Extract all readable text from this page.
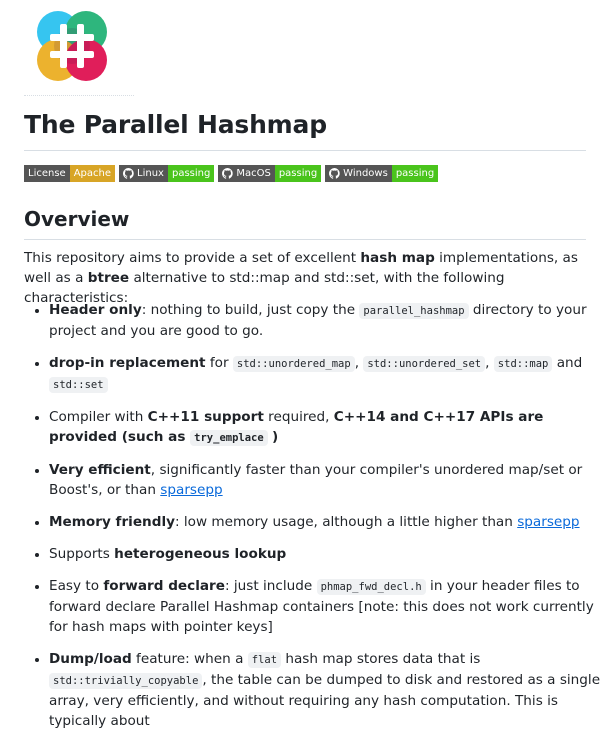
The Parallel Hashmap
License Apache	Linux passing	MacOS passing	Windows passing
Overview

This repository aims to provide a set of excellent hash map implementations, as well as a btree alternative to std::map and std::set, with the following characteristics:

• Header only: nothing to build, just copy the parallel_hashmap directory to your project and you are good to go.
• drop-in replacement for std::unordered_map , std::unordered_set , std::map and std::set
• Compiler with C++11 support required, C++14 and C++17 APIs are provided (such as try_emplace )
• Very efficient, significantly faster than your compiler's unordered map/set or Boost's, or than sparsepp
• Memory friendly: low memory usage, although a little higher than sparsepp
• Supports heterogeneous lookup
• Easy to forward declare: just include phmap_fwd_decl.h in your header files to forward declare Parallel Hashmap containers [note: this does not work currently for hash maps with pointer keys]
• Dump/load feature: when a flat hash map stores data that is std::trivially_copyable , the table can be dumped to disk and restored as a single array, very efficiently, and without requiring any hash computation. This is typically about
